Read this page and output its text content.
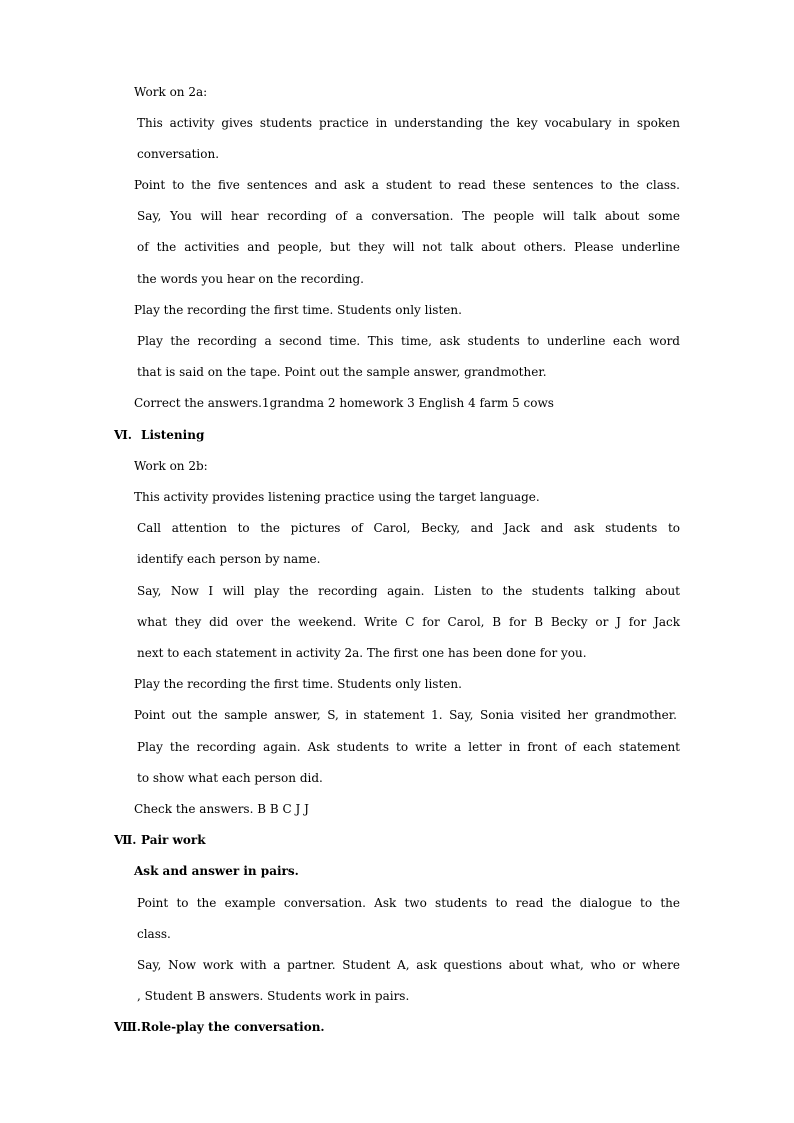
Work on 2a:
This activity gives students practice in understanding the key vocabulary in spoken
conversation.
Point to the five sentences and ask a student to read these sentences to the class.
Say, You will hear recording of a conversation. The people will talk about some
of the activities and people, but they will not talk about others. Please underline
the words you hear on the recording.
Play the recording the first time. Students only listen.
Play the recording a second time. This time, ask students to underline each word
that is said on the tape. Point out the sample answer, grandmother.
Correct the answers.1grandma 2 homework 3 English 4 farm 5 cows
Ⅵ. Listening
Work on 2b:
This activity provides listening practice using the target language.
Call attention to the pictures of Carol, Becky, and Jack and ask students to
identify each person by name.
Say, Now I will play the recording again. Listen to the students talking about
what they did over the weekend. Write C for Carol, B for B Becky or J for Jack
next to each statement in activity 2a. The first one has been done for you.
Play the recording the first time. Students only listen.
Point out the sample answer, S, in statement 1. Say, Sonia visited her grandmother.
Play the recording again. Ask students to write a letter in front of each statement
to show what each person did.
Check the answers. B B C J J
Ⅶ. Pair work
Ask and answer in pairs.
Point to the example conversation. Ask two students to read the dialogue to the
class.
Say, Now work with a partner. Student A, ask questions about what, who or where
, Student B answers. Students work in pairs.
Ⅷ.Role-play the conversation.
